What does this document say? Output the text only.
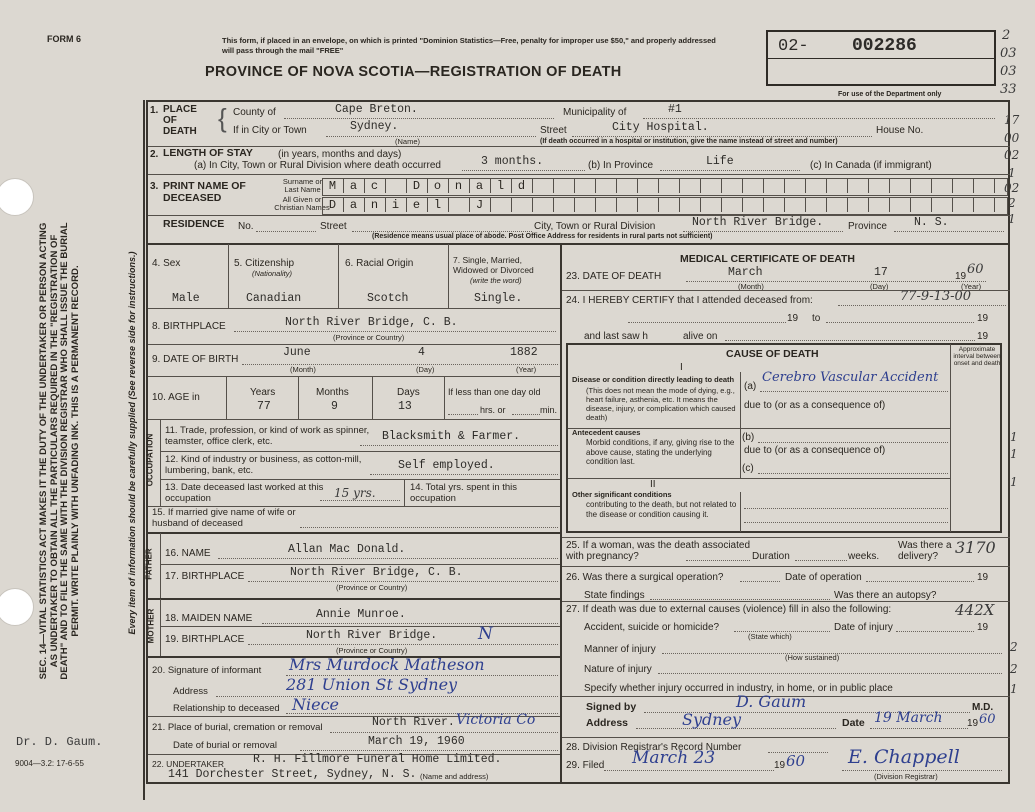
FORM 6	This form, if placed in an envelope, on which is printed "Dominion Statistics—Free, penalty for improper use $50," and properly addressed will pass through the mail "FREE"
PROVINCE OF NOVA SCOTIA—REGISTRATION OF DEATH
02- 002286
For use of the Department only
2
03
03
33
17
00
02
1
02
2
1
1
1
1
2
2
1
442X
3170
SEC. 14—VITAL STATISTICS ACT MAKES IT THE DUTY OF THE UNDERTAKER OR PERSON ACTING AS UNDERTAKER TO OBTAIN ALL THE PARTICULARS REQUIRED IN THE "REGISTRATION OF DEATH" AND TO FILE THE SAME WITH THE DIVISION REGISTRAR WHO SHALL ISSUE THE BURIAL PERMIT. WRITE PLAINLY WITH UNFADING INK. THIS IS A PERMANENT RECORD.	Every item of information should be carefully supplied (See reverse side for instructions.)
Dr. D. Gaum.
9004—3.2: 17-6-55
1. PLACE OF DEATH { County of	Cape Breton.	Municipality of	#1
If in City or Town	Sydney.
(Name)
Street	City Hospital.	House No.
(If death occurred in a hospital or institution, give the name instead of street and number)
2. LENGTH OF STAY	(in years, months and days)
(a) In City, Town or Rural Division where death occurred	3 months.	(b) In Province	Life	(c) In Canada (if immigrant)
3. PRINT NAME OF DECEASED
Surname or Last Name
All Given or Christian Names
M	a	c	D	o	n	a	l	d
D	a	n	i	e	l	J
RESIDENCE No.	Street	City, Town or Rural Division	North River Bridge. Province N. S.
(Residence means usual place of abode. Post Office Address for residents in rural parts not sufficient)
4. Sex
Male
5. Citizenship
(Nationality)
Canadian
6. Racial Origin
Scotch
7. Single, Married, Widowed or Divorced
(write the word)
Single.
8. BIRTHPLACE	North River Bridge, C. B.
(Province or Country)
9. DATE OF BIRTH
June	4	1882
(Month)	(Day)	(Year)
10. AGE in	Years	Months	Days
77	9	13
If less than one day old
hrs. or	min.
OCCUPATION
11. Trade, profession, or kind of work as spinner, teamster, office clerk, etc.	Blacksmith & Farmer.
12. Kind of industry or business, as cotton-mill, lumbering, bank, etc.	Self employed.
13. Date deceased last worked at this occupation	15 yrs.	14. Total yrs. spent in this occupation
15. If married give name of wife or husband of deceased
FATHER 16. NAME	Allan Mac Donald.
17. BIRTHPLACE	North River Bridge, C. B.
(Province or Country)
MOTHER 18. MAIDEN NAME	Annie Munroe.
19. BIRTHPLACE	North River Bridge. N
(Province or Country)
20. Signature of informant Mrs Murdock Matheson
Address	281 Union St Sydney
Relationship to deceased Niece
21. Place of burial, cremation or removal	North River. Victoria Co
Date of burial or removal	March 19, 1960
22. UNDERTAKER	R. H. Fillmore Funeral Home Limited.
141 Dorchester Street, Sydney, N. S. (Name and address)
MEDICAL CERTIFICATE OF DEATH
23. DATE OF DEATH	March	17	19 60
(Month)	(Day)	(Year)
24. I HEREBY CERTIFY that I attended deceased from:	77-9-13-00
19 to	19
and last saw h	alive on	19
CAUSE OF DEATH	Approximate interval between onset and death
I
Disease or condition directly leading to death
(This does not mean the mode of dying, e.g., heart failure, asthenia, etc. It means the disease, injury, or complication which caused death)
(a)
Cerebro Vascular Accident
due to (or as a consequence of)
Antecedent causes
Morbid conditions, if any, giving rise to the above cause, stating the underlying condition last.
(b)
due to (or as a consequence of)
(c)
II
Other significant conditions
contributing to the death, but not related to the disease or condition causing it.
25. If a woman, was the death associated with pregnancy?	Duration	weeks.
Was there a delivery?
26. Was there a surgical operation?	Date of operation	19
State findings	Was there an autopsy?
27. If death was due to external causes (violence) fill in also the following:
Accident, suicide or homicide?
(State which)
Date of injury	19
Manner of injury
(How sustained)
Nature of injury
Specify whether injury occurred in industry, in home, or in public place
Signed by	D. Gaum	M.D.
Address	Sydney	Date 19 March 19 60
28. Division Registrar's Record Number
29. Filed March 23	19 60 E. Chappell
(Division Registrar)
